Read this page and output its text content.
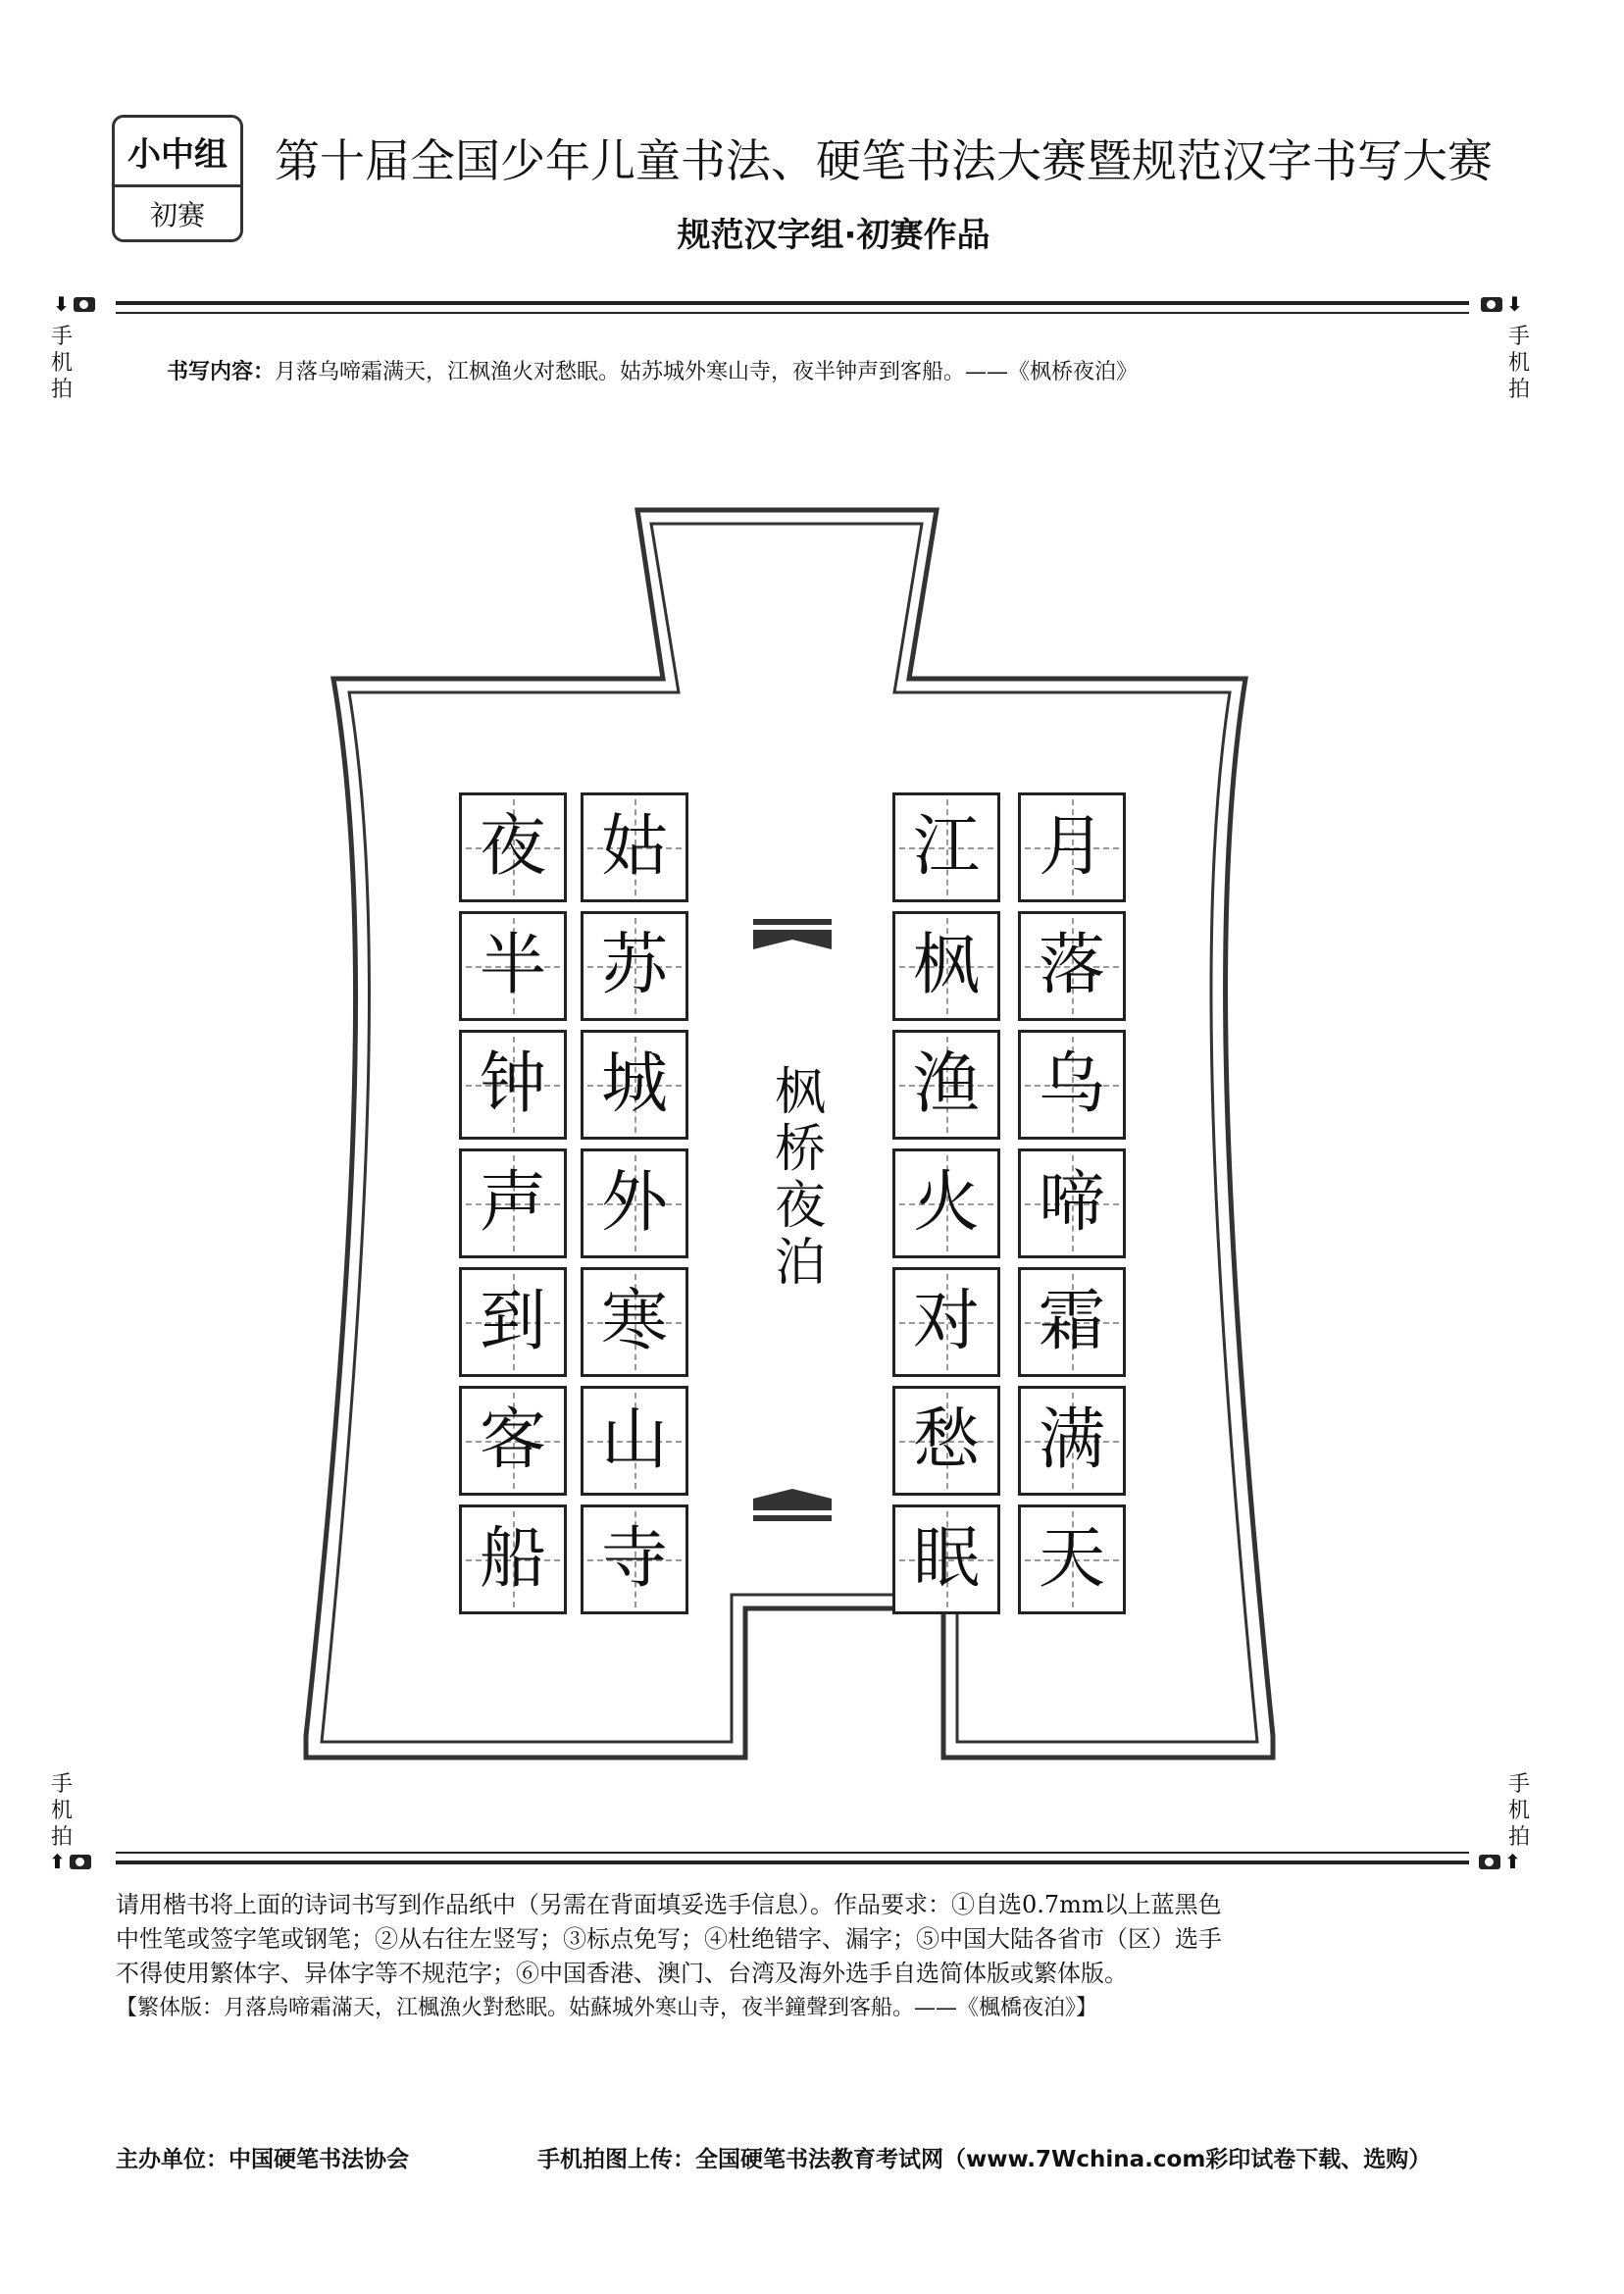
小中组
初赛
第十届全国少年儿童书法、硬笔书法大赛暨规范汉字书写大赛
规范汉字组·初赛作品
⬇	⬇
手机拍
手机拍
书写内容：月落乌啼霜满天，江枫渔火对愁眠。姑苏城外寒山寺，夜半钟声到客船。——《枫桥夜泊》
月
落
乌
啼
霜
满
天
江
枫
渔
火
对
愁
眠
姑
苏
城
外
寒
山
寺
夜
半
钟
声
到
客
船
枫
桥
夜
泊
手机拍
手机拍
⬆	⬆
请用楷书将上面的诗词书写到作品纸中（另需在背面填妥选手信息）。作品要求：①自选0.7mm以上蓝黑色
中性笔或签字笔或钢笔；②从右往左竖写；③标点免写；④杜绝错字、漏字；⑤中国大陆各省市（区）选手
不得使用繁体字、异体字等不规范字；⑥中国香港、澳门、台湾及海外选手自选简体版或繁体版。
【繁体版：月落烏啼霜滿天，江楓漁火對愁眠。姑蘇城外寒山寺，夜半鐘聲到客船。——《楓橋夜泊》】
主办单位：中国硬笔书法协会	手机拍图上传：全国硬笔书法教育考试网（www.7Wchina.com彩印试卷下载、选购）
